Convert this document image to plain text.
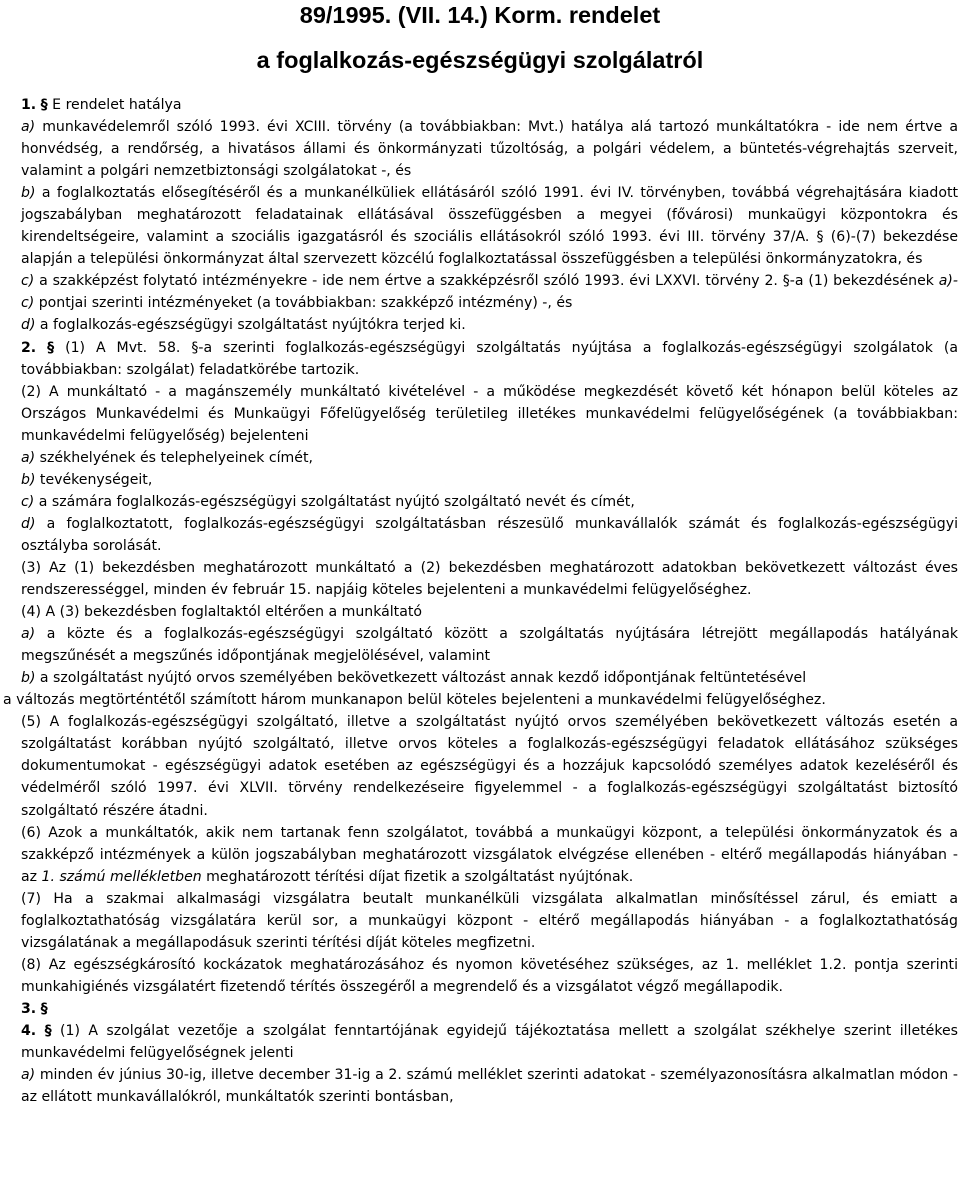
89/1995. (VII. 14.) Korm. rendelet
a foglalkozás-egészségügyi szolgálatról

1. § E rendelet hatálya

a) munkavédelemről szóló 1993. évi XCIII. törvény (a továbbiakban: Mvt.) hatálya alá tartozó munkáltatókra - ide nem értve a honvédség, a rendőrség, a hivatásos állami és önkormányzati tűzoltóság, a polgári védelem, a büntetés-végrehajtás szerveit, valamint a polgári nemzetbiztonsági szolgálatokat -, és

b) a foglalkoztatás elősegítéséről és a munkanélküliek ellátásáról szóló 1991. évi IV. törvényben, továbbá végrehajtására kiadott jogszabályban meghatározott feladatainak ellátásával összefüggésben a megyei (fővárosi) munkaügyi központokra és kirendeltségeire, valamint a szociális igazgatásról és szociális ellátásokról szóló 1993. évi III. törvény 37/A. § (6)-(7) bekezdése alapján a települési önkormányzat által szervezett közcélú foglalkoztatással összefüggésben a települési önkormányzatokra, és

c) a szakképzést folytató intézményekre - ide nem értve a szakképzésről szóló 1993. évi LXXVI. törvény 2. §-a (1) bekezdésének a)-c) pontjai szerinti intézményeket (a továbbiakban: szakképző intézmény) -, és

d) a foglalkozás-egészségügyi szolgáltatást nyújtókra terjed ki.

2. § (1) A Mvt. 58. §-a szerinti foglalkozás-egészségügyi szolgáltatás nyújtása a foglalkozás-egészségügyi szolgálatok (a továbbiakban: szolgálat) feladatkörébe tartozik.

(2) A munkáltató - a magánszemély munkáltató kivételével - a működése megkezdését követő két hónapon belül köteles az Országos Munkavédelmi és Munkaügyi Főfelügyelőség területileg illetékes munkavédelmi felügyelőségének (a továbbiakban: munkavédelmi felügyelőség) bejelenteni

a) székhelyének és telephelyeinek címét,

b) tevékenységeit,

c) a számára foglalkozás-egészségügyi szolgáltatást nyújtó szolgáltató nevét és címét,

d) a foglalkoztatott, foglalkozás-egészségügyi szolgáltatásban részesülő munkavállalók számát és foglalkozás-egészségügyi osztályba sorolását.

(3) Az (1) bekezdésben meghatározott munkáltató a (2) bekezdésben meghatározott adatokban bekövetkezett változást éves rendszerességgel, minden év február 15. napjáig köteles bejelenteni a munkavédelmi felügyelőséghez.

(4) A (3) bekezdésben foglaltaktól eltérően a munkáltató

a) a közte és a foglalkozás-egészségügyi szolgáltató között a szolgáltatás nyújtására létrejött megállapodás hatályának megszűnését a megszűnés időpontjának megjelölésével, valamint

b) a szolgáltatást nyújtó orvos személyében bekövetkezett változást annak kezdő időpontjának feltüntetésével

a változás megtörténtétől számított három munkanapon belül köteles bejelenteni a munkavédelmi felügyelőséghez.

(5) A foglalkozás-egészségügyi szolgáltató, illetve a szolgáltatást nyújtó orvos személyében bekövetkezett változás esetén a szolgáltatást korábban nyújtó szolgáltató, illetve orvos köteles a foglalkozás-egészségügyi feladatok ellátásához szükséges dokumentumokat - egészségügyi adatok esetében az egészségügyi és a hozzájuk kapcsolódó személyes adatok kezeléséről és védelméről szóló 1997. évi XLVII. törvény rendelkezéseire figyelemmel - a foglalkozás-egészségügyi szolgáltatást biztosító szolgáltató részére átadni.

(6) Azok a munkáltatók, akik nem tartanak fenn szolgálatot, továbbá a munkaügyi központ, a települési önkormányzatok és a szakképző intézmények a külön jogszabályban meghatározott vizsgálatok elvégzése ellenében - eltérő megállapodás hiányában - az 1. számú mellékletben meghatározott térítési díjat fizetik a szolgáltatást nyújtónak.

(7) Ha a szakmai alkalmasági vizsgálatra beutalt munkanélküli vizsgálata alkalmatlan minősítéssel zárul, és emiatt a foglalkoztathatóság vizsgálatára kerül sor, a munkaügyi központ - eltérő megállapodás hiányában - a foglalkoztathatóság vizsgálatának a megállapodásuk szerinti térítési díját köteles megfizetni.

(8) Az egészségkárosító kockázatok meghatározásához és nyomon követéséhez szükséges, az 1. melléklet 1.2. pontja szerinti munkahigiénés vizsgálatért fizetendő térítés összegéről a megrendelő és a vizsgálatot végző megállapodik.

3. §

4. § (1) A szolgálat vezetője a szolgálat fenntartójának egyidejű tájékoztatása mellett a szolgálat székhelye szerint illetékes munkavédelmi felügyelőségnek jelenti

a) minden év június 30-ig, illetve december 31-ig a 2. számú melléklet szerinti adatokat - személyazonosításra alkalmatlan módon - az ellátott munkavállalókról, munkáltatók szerinti bontásban,
